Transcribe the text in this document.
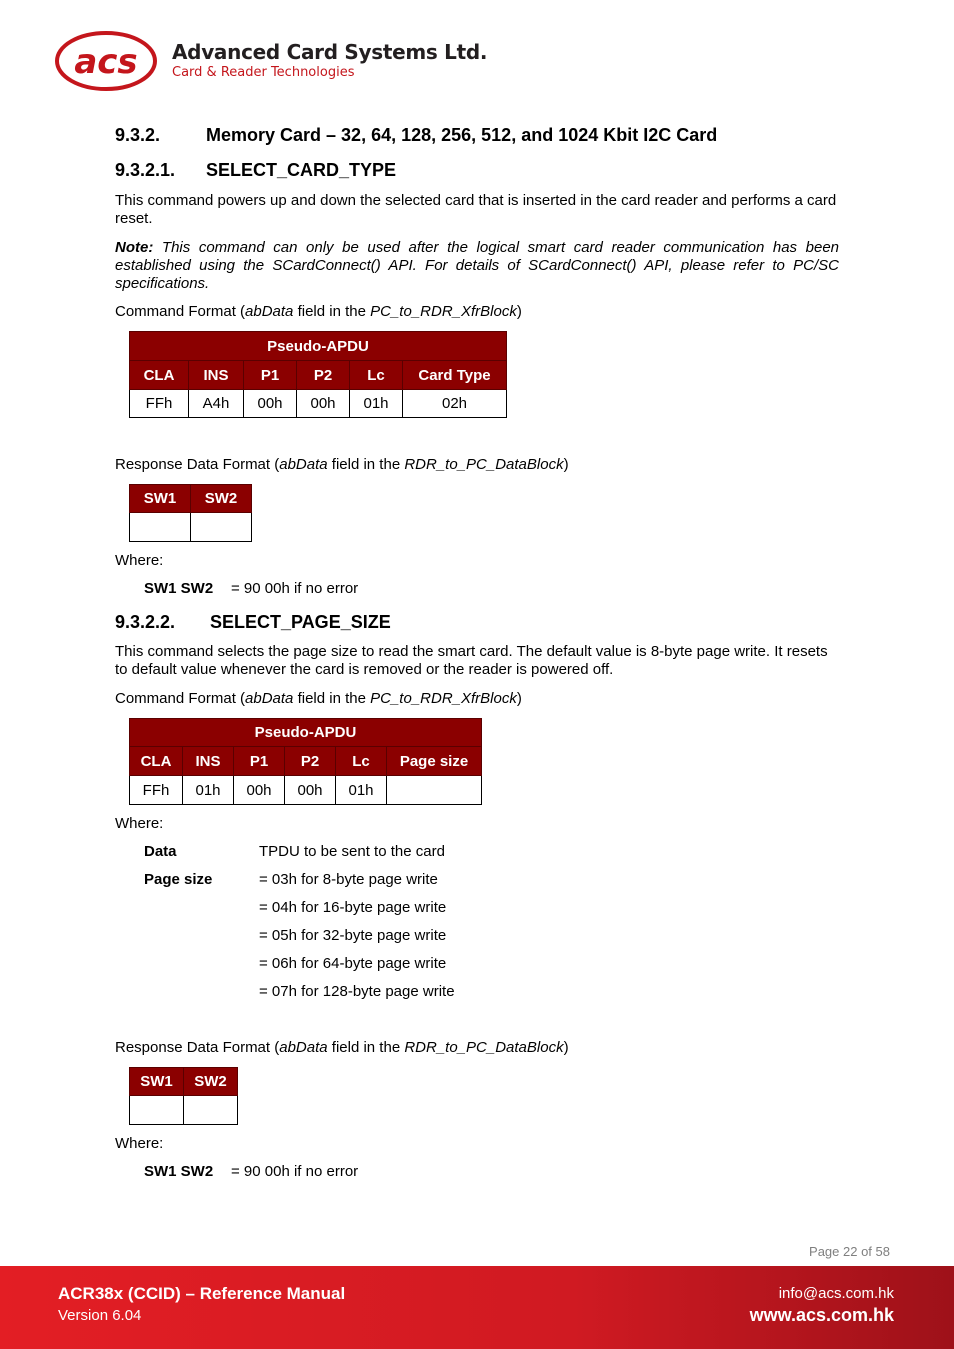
acs Advanced Card Systems Ltd.
Card & Reader Technologies
9.3.2.	Memory Card – 32, 64, 128, 256, 512, and 1024 Kbit I2C Card
9.3.2.1. SELECT_CARD_TYPE
This command powers up and down the selected card that is inserted in the card reader and performs a card reset.
Note: This command can only be used after the logical smart card reader communication has been established using the SCardConnect() API. For details of SCardConnect() API, please refer to PC/SC specifications.
Command Format (abData field in the PC_to_RDR_XfrBlock)
Pseudo-APDU					
CLA	INS	P1	P2	Lc	Card Type
FFh	A4h	00h	00h	01h	02h
Response Data Format (abData field in the RDR_to_PC_DataBlock)
SW1	SW2

Where:
SW1 SW2 = 90 00h if no error
9.3.2.2. SELECT_PAGE_SIZE
This command selects the page size to read the smart card. The default value is 8-byte page write. It resets to default value whenever the card is removed or the reader is powered off.
Command Format (abData field in the PC_to_RDR_XfrBlock)
Pseudo-APDU					
CLA	INS	P1	P2	Lc	Page size
FFh	01h	00h	00h	01h	
Where:
Data	TPDU to be sent to the card
Page size	= 03h for 8-byte page write
= 04h for 16-byte page write
= 05h for 32-byte page write
= 06h for 64-byte page write
= 07h for 128-byte page write
Response Data Format (abData field in the RDR_to_PC_DataBlock)
SW1	SW2

Where:
SW1 SW2 = 90 00h if no error
Page 22 of 58
ACR38x (CCID) – Reference Manual
Version 6.04
info@acs.com.hk
www.acs.com.hk
